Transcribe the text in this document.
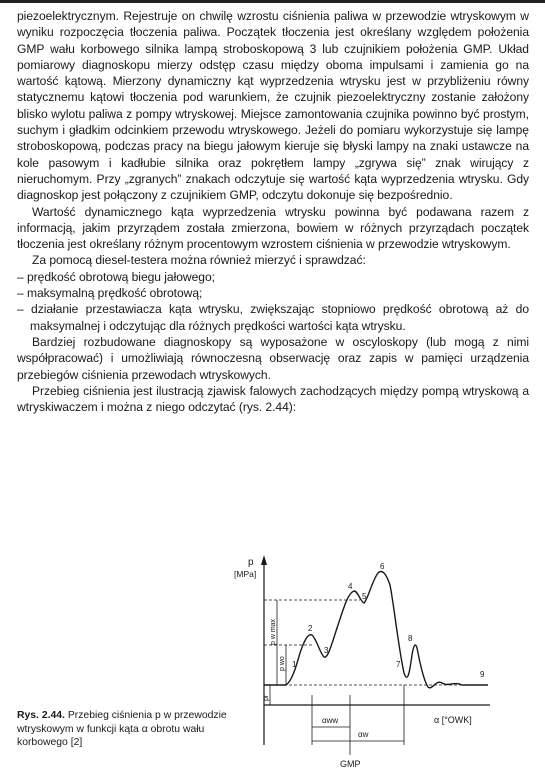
piezoelektrycznym. Rejestruje on chwilę wzrostu ciśnienia paliwa w przewodzie wtryskowym w wyniku rozpoczęcia tłoczenia paliwa. Początek tłoczenia jest określany względem położenia GMP wału korbowego silnika lampą stroboskopową 3 lub czujnikiem położenia GMP. Układ pomiarowy diagnoskopu mierzy odstęp czasu między oboma impulsami i zamienia go na wartość kątową. Mierzony dynamiczny kąt wyprzedzenia wtrysku jest w przybliżeniu równy statycznemu kątowi tłoczenia pod warunkiem, że czujnik piezoelektryczny zostanie założony blisko wylotu paliwa z pompy wtryskowej. Miejsce zamontowania czujnika powinno być prostym, suchym i gładkim odcinkiem przewodu wtryskowego. Jeżeli do pomiaru wykorzystuje się lampę stroboskopową, podczas pracy na biegu jałowym kieruje się błyski lampy na znaki ustawcze na kole pasowym i kadłubie silnika oraz pokrętłem lampy „zgrywa się” znak wirujący z nieruchomym. Przy „zgranych” znakach odczytuje się wartość kąta wyprzedzenia wtrysku. Gdy diagnoskop jest połączony z czujnikiem GMP, odczytu dokonuje się bezpośrednio.

Wartość dynamicznego kąta wyprzedzenia wtrysku powinna być podawana razem z informacją, jakim przyrządem została zmierzona, bowiem w różnych przyrządach początek tłoczenia jest określany różnym procentowym wzrostem ciśnienia w przewodzie wtryskowym.

Za pomocą diesel-testera można również mierzyć i sprawdzać:

– prędkość obrotową biegu jałowego;

– maksymalną prędkość obrotową;

– działanie przestawiacza kąta wtrysku, zwiększając stopniowo prędkość obrotową aż do maksymalnej i odczytując dla różnych prędkości wartości kąta wtrysku.

Bardziej rozbudowane diagnoskopy są wyposażone w oscyloskopy (lub mogą z nimi współpracować) i umożliwiają równoczesną obserwację oraz zapis w pamięci urządzenia przebiegów ciśnienia przewodach wtryskowych.

Przebieg ciśnienia jest ilustracją zjawisk falowych zachodzących między pompą wtryskową a wtryskiwaczem i można z niego odczytać (rys. 2.44):

p
[MPa]
α [°OWK]
GMP
p w max
p wo
pr
αww
αw
1
2
3
4
5
6
7
8
9
Rys. 2.44. Przebieg ciśnienia p w przewodzie wtryskowym w funkcji kąta α obrotu wału korbowego [2]
